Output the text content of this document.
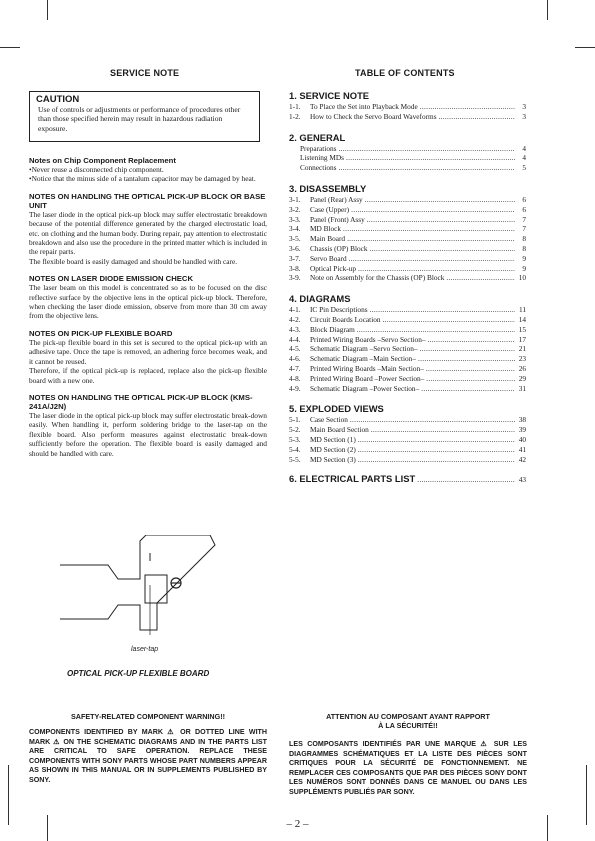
SERVICE NOTE
CAUTION
Use of controls or adjustments or performance of procedures other than those specified herein may result in hazardous radiation exposure.
Notes on Chip Component Replacement
•Never reuse a disconnected chip component.
•Notice that the minus side of a tantalum capacitor may be damaged by heat.
NOTES ON HANDLING THE OPTICAL PICK-UP BLOCK OR BASE UNIT
The laser diode in the optical pick-up block may suffer electrostatic breakdown because of the potential difference generated by the charged electrostatic load, etc. on clothing and the human body. During repair, pay attention to electrostatic breakdown and also use the procedure in the printed matter which is included in the repair parts.
The flexible board is easily damaged and should be handled with care.
NOTES ON LASER DIODE EMISSION CHECK
The laser beam on this model is concentrated so as to be focused on the disc reflective surface by the objective lens in the optical pick-up block. Therefore, when checking the laser diode emission, observe from more than 30 cm away from the objective lens.
NOTES ON PICK-UP FLEXIBLE BOARD
The pick-up flexible board in this set is secured to the optical pick-up with an adhesive tape. Once the tape is removed, an adhering force becomes weak, and it cannot be reused.
Therefore, if the optical pick-up is replaced, replace also the pick-up flexible board with a new one.
NOTES ON HANDLING THE OPTICAL PICK-UP BLOCK (KMS-241A/J2N)
The laser diode in the optical pick-up block may suffer electrostatic break-down easily. When handling it, perform soldering bridge to the laser-tap on the flexible board. Also perform measures against electrostatic break-down sufficiently before the operation. The flexible board is easily damaged and should be handled with care.
laser-tap
OPTICAL PICK-UP FLEXIBLE BOARD
TABLE OF CONTENTS
1. SERVICE NOTE
1-1.	To Place the Set into Playback Mode .....	3
1-2.	How to Check the Servo Board Waveforms .....	3
2. GENERAL
Preparations .....	4
Listening MDs .....	4
Connections .....	5
3. DISASSEMBLY
3-1.	Panel (Rear) Assy .....	6
3-2.	Case (Upper) .....	6
3-3.	Panel (Front) Assy .....	7
3-4.	MD Block .....	7
3-5.	Main Board .....	8
3-6.	Chassis (OP) Block .....	8
3-7.	Servo Board .....	9
3-8.	Optical Pick-up .....	9
3-9.	Note on Assembly for the Chassis (OP) Block .....	10
4. DIAGRAMS
4-1.	IC Pin Descriptions .....	11
4-2.	Circuit Boards Location .....	14
4-3.	Block Diagram .....	15
4-4.	Printed Wiring Boards –Servo Section– .....	17
4-5.	Schematic Diagram –Servo Section– .....	21
4-6.	Schematic Diagram –Main Section– .....	23
4-7.	Printed Wiring Boards –Main Section– .....	26
4-8.	Printed Wiring Board –Power Section– .....	29
4-9.	Schematic Diagram –Power Section– .....	31
5. EXPLODED VIEWS
5-1.	Case Section .....	38
5-2.	Main Board Section .....	39
5-3.	MD Section (1) .....	40
5-4.	MD Section (2) .....	41
5-5.	MD Section (3) .....	42
6. ELECTRICAL PARTS LIST .....	43
SAFETY-RELATED COMPONENT WARNING!!
COMPONENTS IDENTIFIED BY MARK ⚠ OR DOTTED LINE WITH MARK ⚠ ON THE SCHEMATIC DIAGRAMS AND IN THE PARTS LIST ARE CRITICAL TO SAFE OPERATION. REPLACE THESE COMPONENTS WITH SONY PARTS WHOSE PART NUMBERS APPEAR AS SHOWN IN THIS MANUAL OR IN SUPPLEMENTS PUBLISHED BY SONY.
ATTENTION AU COMPOSANT AYANT RAPPORT
À LA SÉCURITÉ!!
LES COMPOSANTS IDENTIFIÉS PAR UNE MARQUE ⚠ SUR LES DIAGRAMMES SCHÉMATIQUES ET LA LISTE DES PIÈCES SONT CRITIQUES POUR LA SÉCURITÉ DE FONCTIONNEMENT. NE REMPLACER CES COMPOSANTS QUE PAR DES PIÈCES SONY DONT LES NUMÉROS SONT DONNÉS DANS CE MANUEL OU DANS LES SUPPLÉMENTS PUBLIÉS PAR SONY.
– 2 –
